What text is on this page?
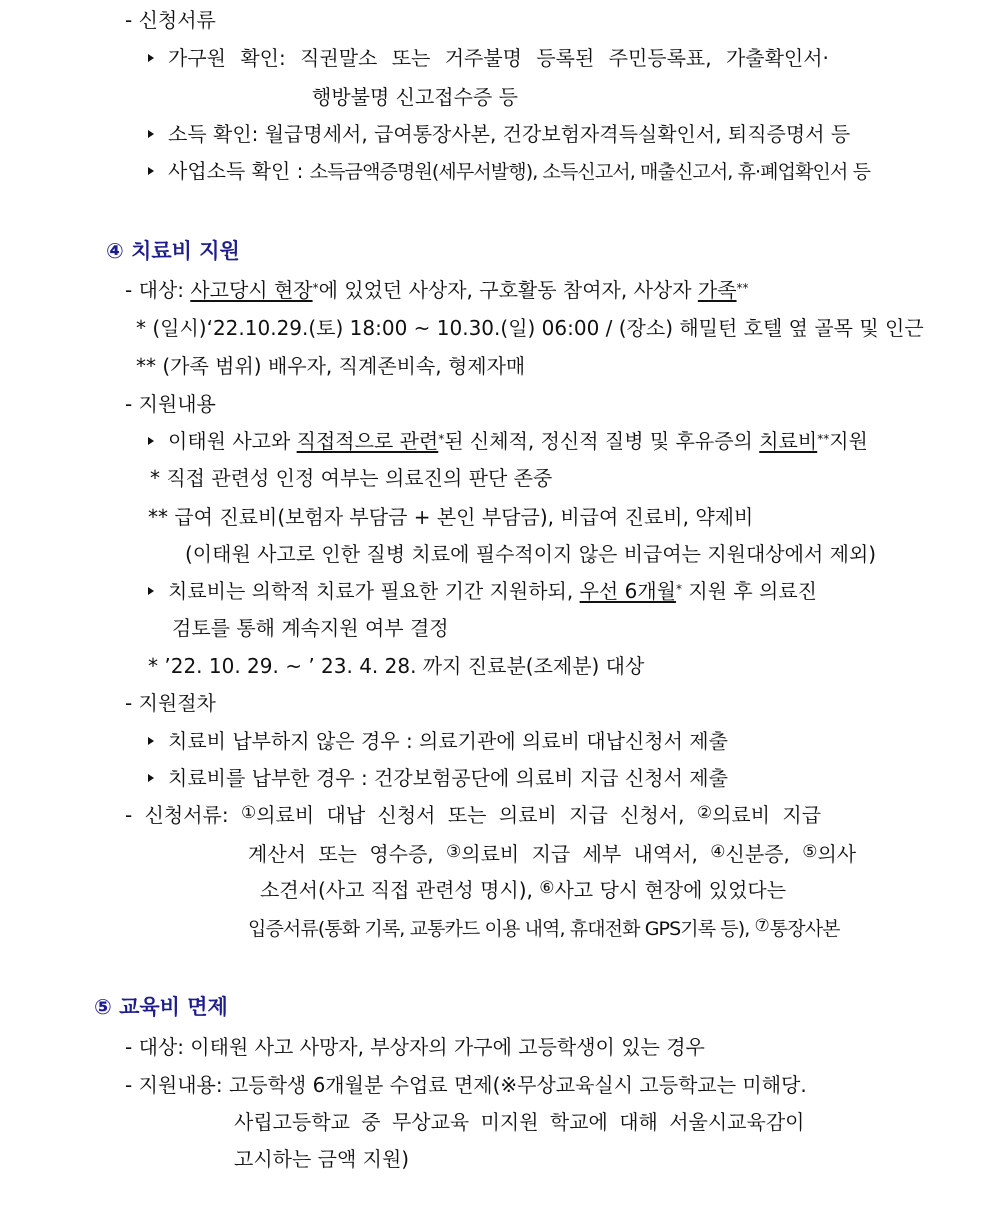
- 신청서류

가구원 확인: 직권말소 또는 거주불명 등록된 주민등록표, 가출확인서·

행방불명 신고접수증 등

소득 확인: 월급명세서, 급여통장사본, 건강보험자격득실확인서, 퇴직증명서 등

사업소득 확인 : 소득금액증명원(세무서발행), 소득신고서, 매출신고서, 휴·폐업확인서 등

④ 치료비 지원

- 대상: 사고당시 현장*에 있었던 사상자, 구호활동 참여자, 사상자 가족**

* (일시)‘22.10.29.(토) 18:00 ~ 10.30.(일) 06:00 / (장소) 해밀턴 호텔 옆 골목 및 인근

** (가족 범위) 배우자, 직계존비속, 형제자매

- 지원내용

이태원 사고와 직접적으로 관련*된 신체적, 정신적 질병 및 후유증의 치료비**지원

* 직접 관련성 인정 여부는 의료진의 판단 존중

** 급여 진료비(보험자 부담금 + 본인 부담금), 비급여 진료비, 약제비

(이태원 사고로 인한 질병 치료에 필수적이지 않은 비급여는 지원대상에서 제외)

치료비는 의학적 치료가 필요한 기간 지원하되, 우선 6개월* 지원 후 의료진

검토를 통해 계속지원 여부 결정

* ’22. 10. 29. ~ ’ 23. 4. 28. 까지 진료분(조제분) 대상

- 지원절차

치료비 납부하지 않은 경우 : 의료기관에 의료비 대납신청서 제출

치료비를 납부한 경우 : 건강보험공단에 의료비 지급 신청서 제출

- 신청서류: ①의료비 대납 신청서 또는 의료비 지급 신청서, ②의료비 지급

계산서 또는 영수증, ③의료비 지급 세부 내역서, ④신분증, ⑤의사

소견서(사고 직접 관련성 명시), ⑥사고 당시 현장에 있었다는

입증서류(통화 기록, 교통카드 이용 내역, 휴대전화 GPS기록 등), ⑦통장사본

⑤ 교육비 면제

- 대상: 이태원 사고 사망자, 부상자의 가구에 고등학생이 있는 경우

- 지원내용: 고등학생 6개월분 수업료 면제(※무상교육실시 고등학교는 미해당.

사립고등학교 중 무상교육 미지원 학교에 대해 서울시교육감이

고시하는 금액 지원)
